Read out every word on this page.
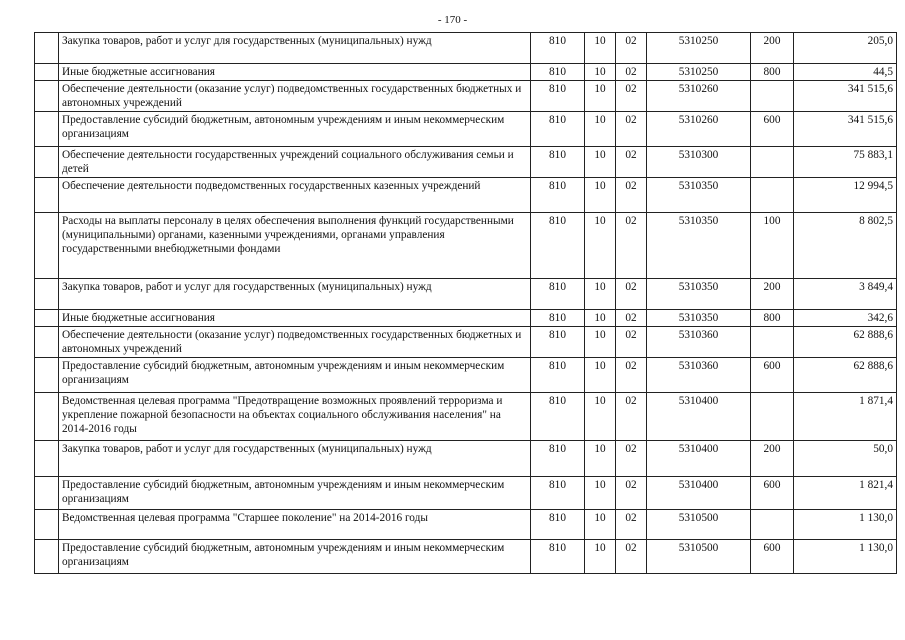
- 170 -
	Закупка товаров, работ и услуг для государственных (муниципальных) нужд	810	10	02	5310250	200	205,0
	Иные бюджетные ассигнования	810	10	02	5310250	800	44,5
	Обеспечение деятельности (оказание услуг) подведомственных государственных бюджетных и автономных учреждений	810	10	02	5310260		341 515,6
	Предоставление субсидий бюджетным, автономным учреждениям и иным некоммерческим организациям	810	10	02	5310260	600	341 515,6
	Обеспечение деятельности государственных учреждений социального обслуживания семьи и детей	810	10	02	5310300		75 883,1
	Обеспечение деятельности подведомственных государственных казенных учреждений	810	10	02	5310350		12 994,5
	Расходы на выплаты персоналу в целях обеспечения выполнения функций государственными (муниципальными) органами, казенными учреждениями, органами управления государственными внебюджетными фондами	810	10	02	5310350	100	8 802,5
	Закупка товаров, работ и услуг для государственных (муниципальных) нужд	810	10	02	5310350	200	3 849,4
	Иные бюджетные ассигнования	810	10	02	5310350	800	342,6
	Обеспечение деятельности (оказание услуг) подведомственных государственных бюджетных и автономных учреждений	810	10	02	5310360		62 888,6
	Предоставление субсидий бюджетным, автономным учреждениям и иным некоммерческим организациям	810	10	02	5310360	600	62 888,6
	Ведомственная целевая программа "Предотвращение возможных проявлений терроризма и укрепление пожарной безопасности на объектах социального обслуживания населения" на 2014-2016 годы	810	10	02	5310400		1 871,4
	Закупка товаров, работ и услуг для государственных (муниципальных) нужд	810	10	02	5310400	200	50,0
	Предоставление субсидий бюджетным, автономным учреждениям и иным некоммерческим организациям	810	10	02	5310400	600	1 821,4
	Ведомственная целевая программа "Старшее поколение" на 2014-2016 годы	810	10	02	5310500		1 130,0
	Предоставление субсидий бюджетным, автономным учреждениям и иным некоммерческим организациям	810	10	02	5310500	600	1 130,0
